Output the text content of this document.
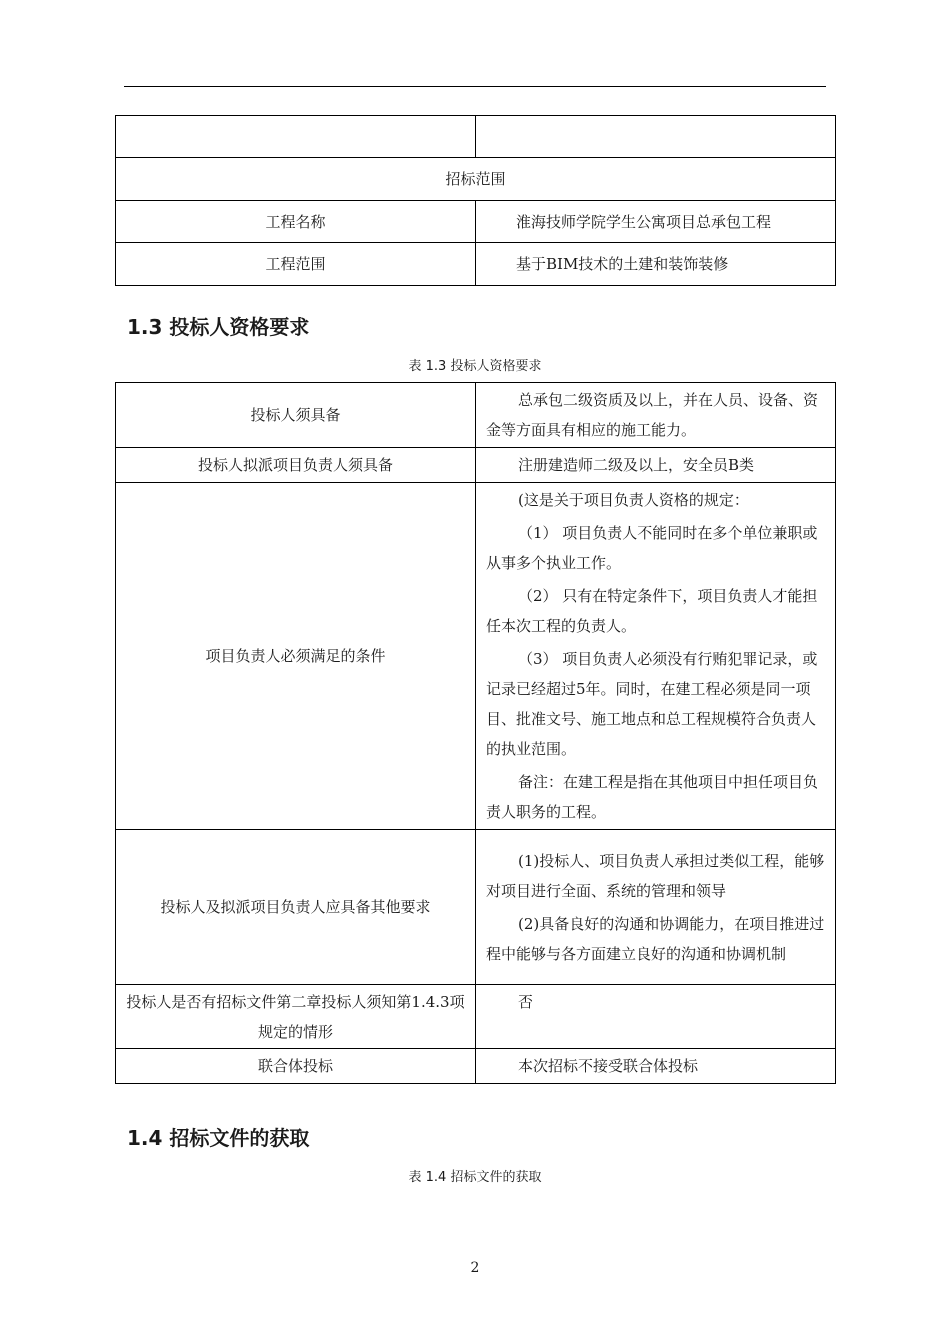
招标范围	
工程名称	淮海技师学院学生公寓项目总承包工程
工程范围	基于BIM技术的土建和装饰装修
1.3 投标人资格要求
表 1.3 投标人资格要求
投标人须具备	总承包二级资质及以上，并在人员、设备、资金等方面具有相应的施工能力。

投标人拟派项目负责人须具备	注册建造师二级及以上，安全员B类

项目负责人必须满足的条件	(这是关于项目负责人资格的规定：

（1） 项目负责人不能同时在多个单位兼职或从事多个执业工作。

（2） 只有在特定条件下，项目负责人才能担任本次工程的负责人。

（3） 项目负责人必须没有行贿犯罪记录，或记录已经超过5年。同时，在建工程必须是同一项目、批准文号、施工地点和总工程规模符合负责人的执业范围。

备注：在建工程是指在其他项目中担任项目负责人职务的工程。

投标人及拟派项目负责人应具备其他要求	(1)投标人、项目负责人承担过类似工程，能够对项目进行全面、系统的管理和领导

(2)具备良好的沟通和协调能力，在项目推进过程中能够与各方面建立良好的沟通和协调机制

投标人是否有招标文件第二章投标人须知第1.4.3项规定的情形	否

联合体投标	本次招标不接受联合体投标

1.4 招标文件的获取
表 1.4 招标文件的获取
2
